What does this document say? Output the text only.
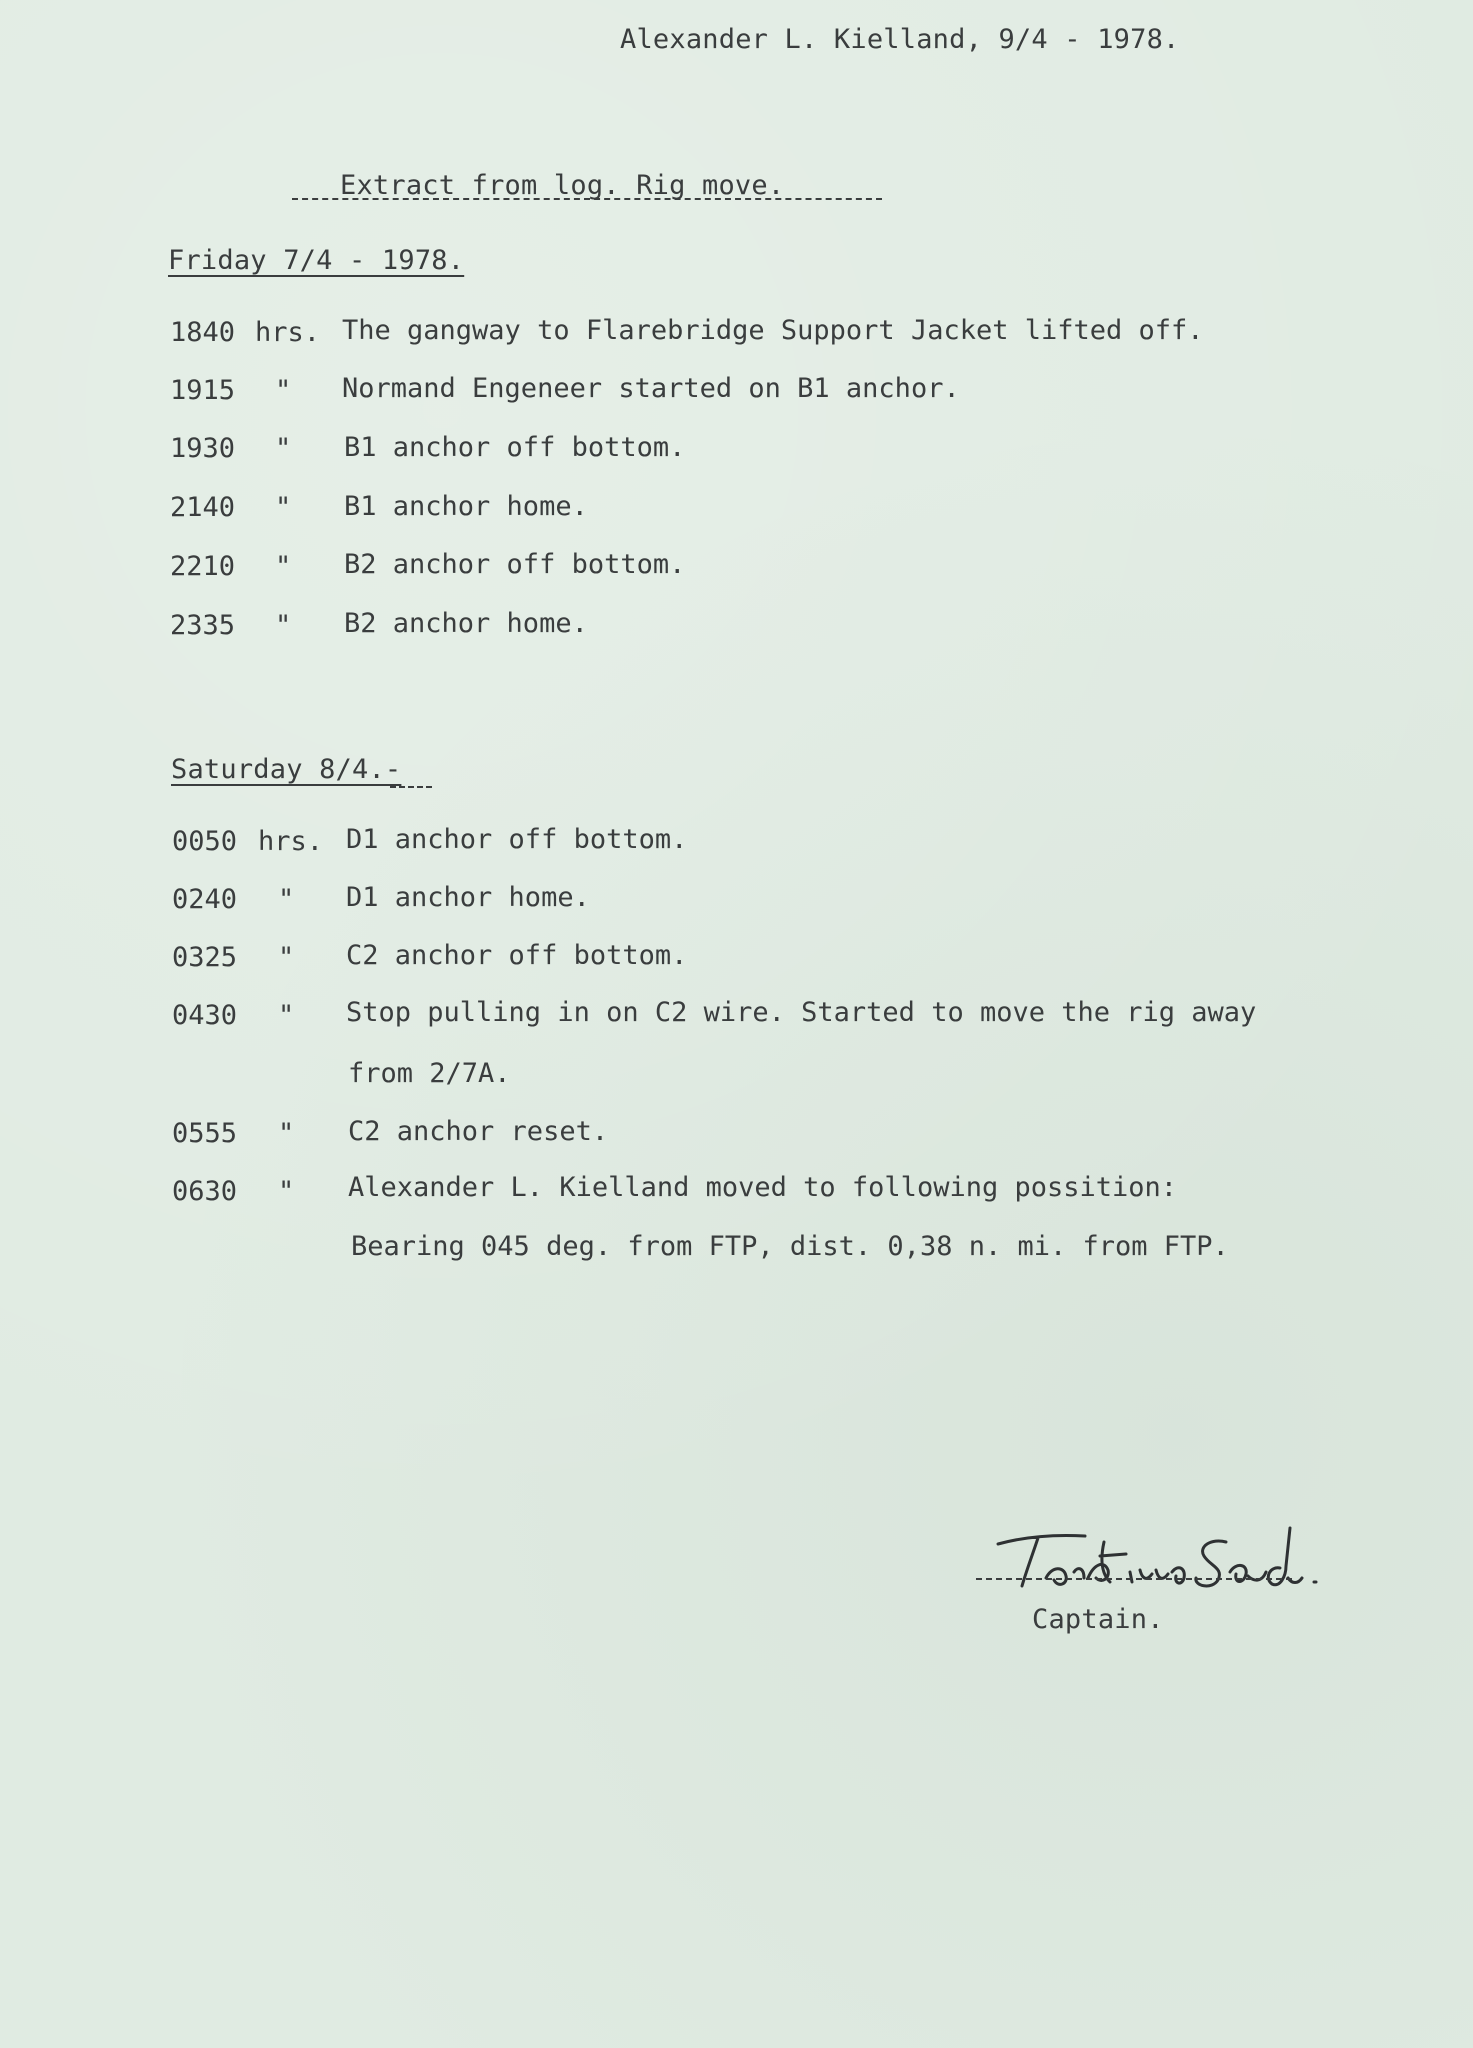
Alexander L. Kielland, 9/4 - 1978.
Extract from log. Rig move.
Friday 7/4 - 1978.
1840 hrs. The gangway to Flarebridge Support Jacket lifted off.
1915 " Normand Engeneer started on B1 anchor.
1930 " B1 anchor off bottom.
2140 " B1 anchor home.
2210 " B2 anchor off bottom.
2335 " B2 anchor home.
Saturday 8/4.-
0050 hrs. D1 anchor off bottom.
0240 " D1 anchor home.
0325 " C2 anchor off bottom.
0430 " Stop pulling in on C2 wire. Started to move the rig away
from 2/7A.
0555 " C2 anchor reset.
0630 " Alexander L. Kielland moved to following possition:
Bearing 045 deg. from FTP, dist. 0,38 n. mi. from FTP.
Captain.
